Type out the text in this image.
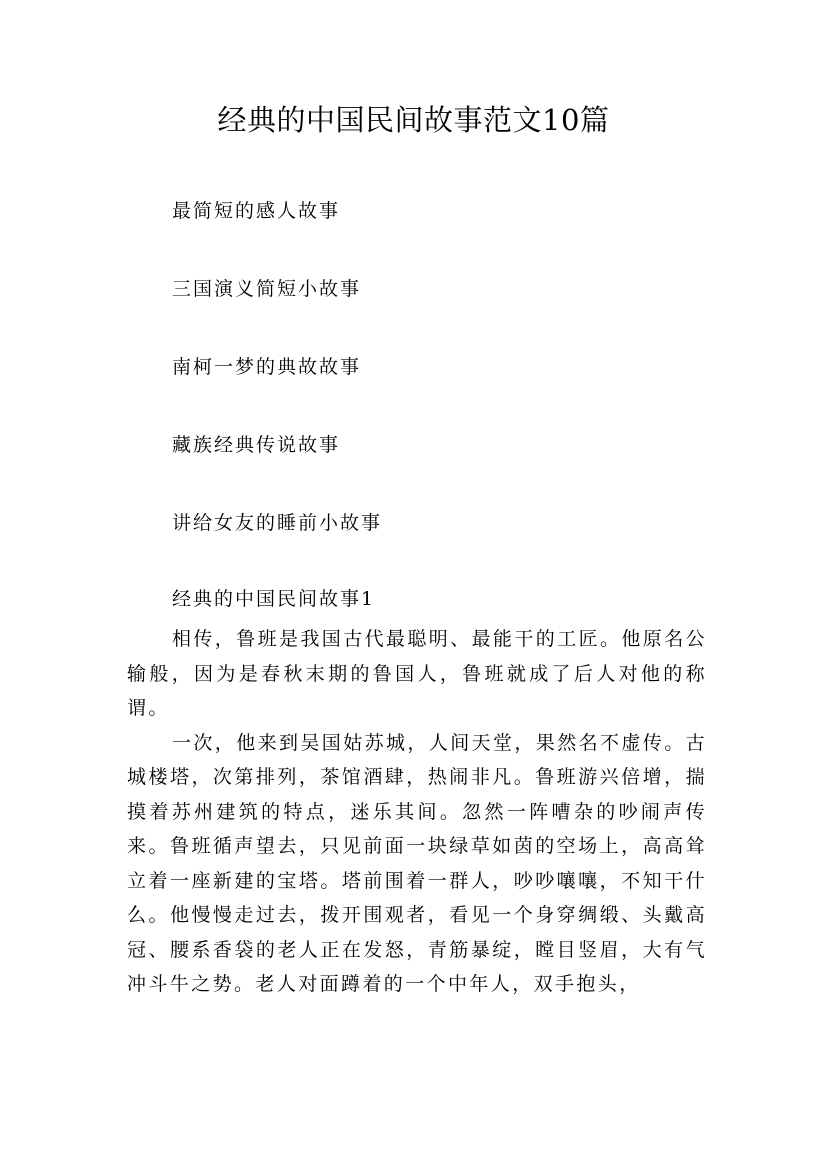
经典的中国民间故事范文10篇
最简短的感人故事
三国演义简短小故事
南柯一梦的典故故事
藏族经典传说故事
讲给女友的睡前小故事
经典的中国民间故事1

相传，鲁班是我国古代最聪明、最能干的工匠。他原名公输般，因为是春秋末期的鲁国人，鲁班就成了后人对他的称谓。

一次，他来到吴国姑苏城，人间天堂，果然名不虚传。古城楼塔，次第排列，茶馆酒肆，热闹非凡。鲁班游兴倍增，揣摸着苏州建筑的特点，迷乐其间。忽然一阵嘈杂的吵闹声传来。鲁班循声望去，只见前面一块绿草如茵的空场上，高高耸立着一座新建的宝塔。塔前围着一群人，吵吵嚷嚷，不知干什么。他慢慢走过去，拨开围观者，看见一个身穿绸缎、头戴高冠、腰系香袋的老人正在发怒，青筋暴绽，瞠目竖眉，大有气冲斗牛之势。老人对面蹲着的一个中年人，双手抱头，
